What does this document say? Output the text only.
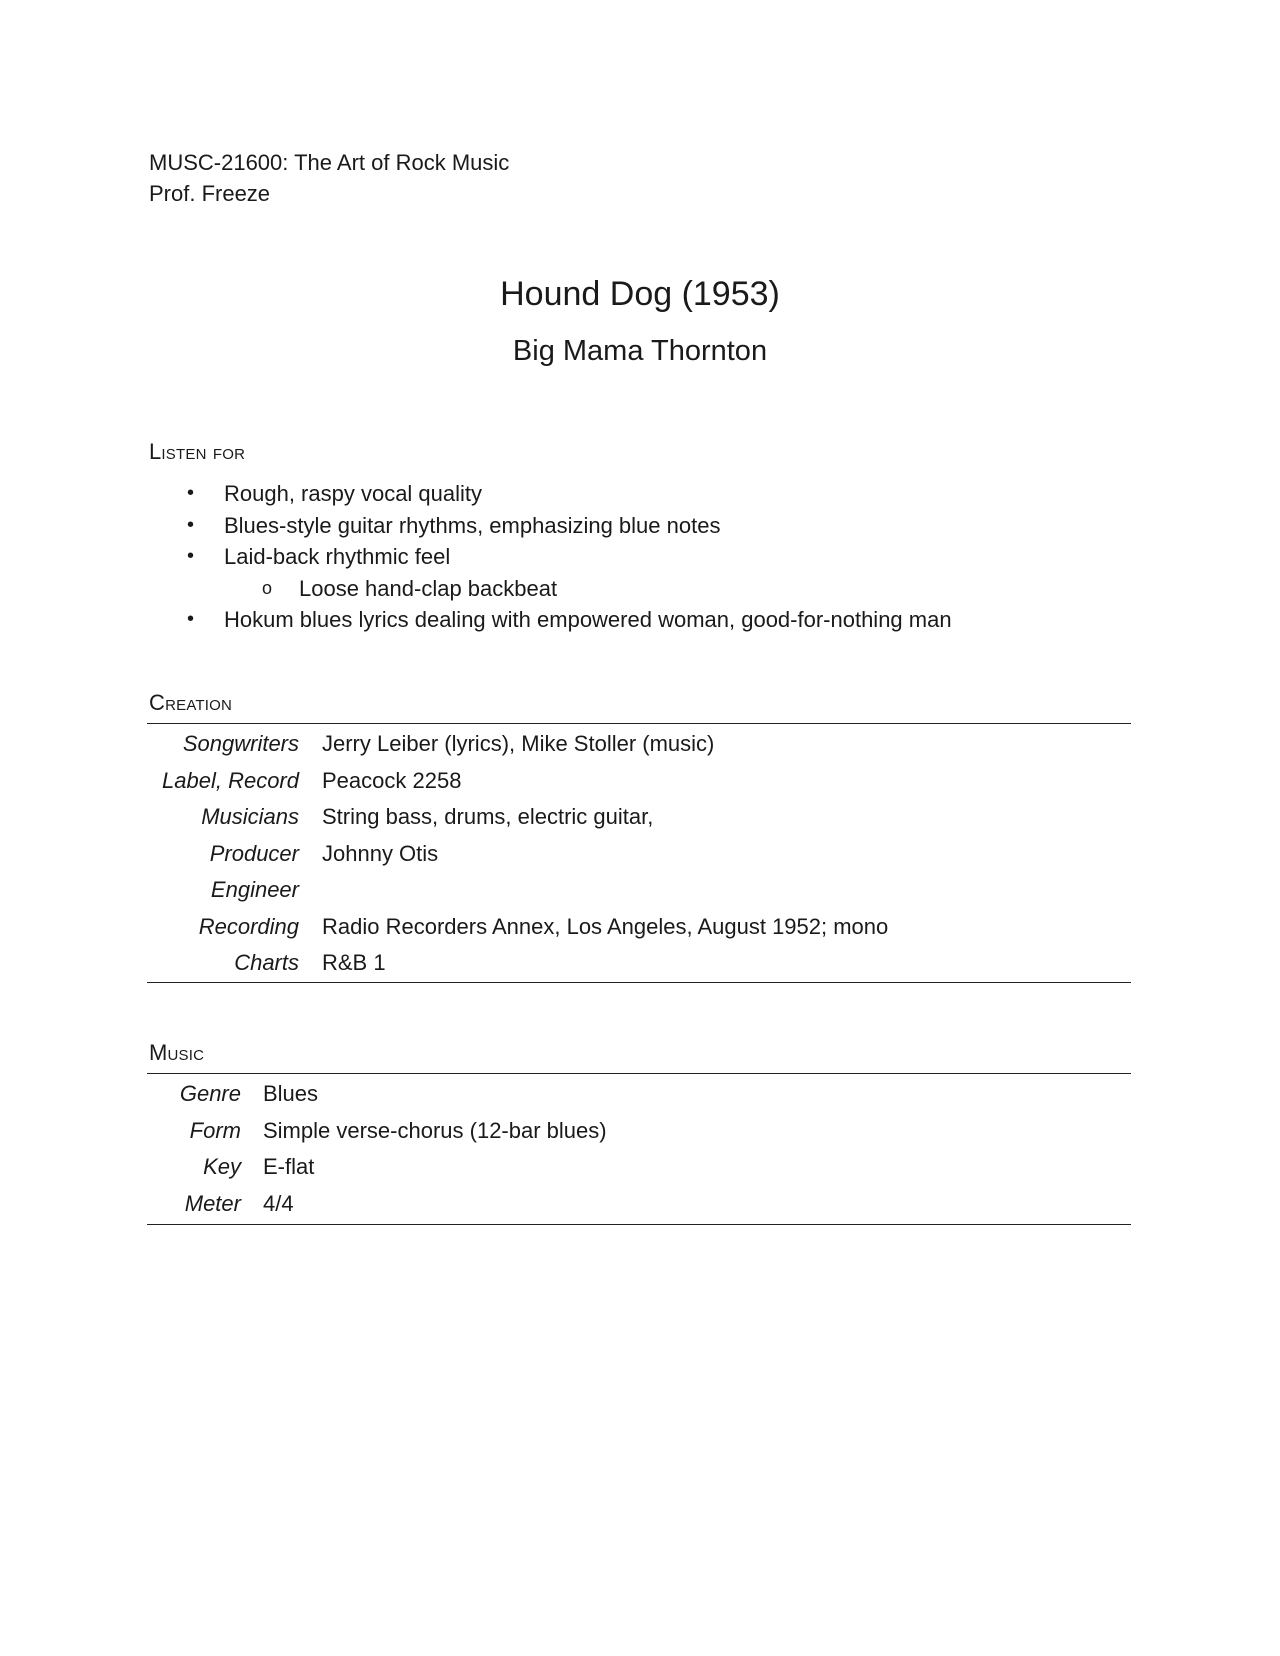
MUSC-21600: The Art of Rock Music
Prof. Freeze
Hound Dog (1953)
Big Mama Thornton
Listen for
• Rough, raspy vocal quality
• Blues-style guitar rhythms, emphasizing blue notes
• Laid-back rhythmic feel
o Loose hand-clap backbeat
• Hokum blues lyrics dealing with empowered woman, good-for-nothing man
Creation
Songwriters Jerry Leiber (lyrics), Mike Stoller (music)
Label, Record Peacock 2258
Musicians String bass, drums, electric guitar,
Producer Johnny Otis
Engineer
Recording Radio Recorders Annex, Los Angeles, August 1952; mono
Charts R&B 1
Music
Genre Blues
Form Simple verse-chorus (12-bar blues)
Key E-flat
Meter 4/4
